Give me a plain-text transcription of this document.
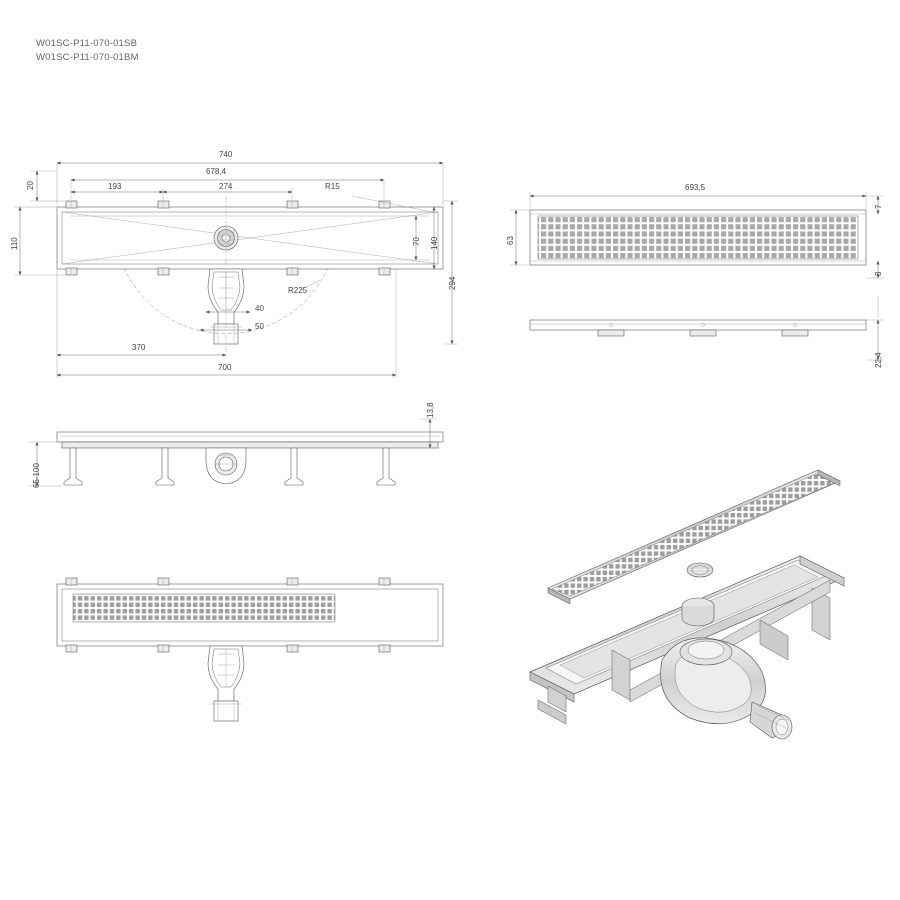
W01SC-P11-070-01SB
W01SC-P11-070-01BM
740
678,4
193	274	R15
20
110	70 140
294
R225
40
50
370
700
693,5
63
7
3
22,4
13,8
65-100
